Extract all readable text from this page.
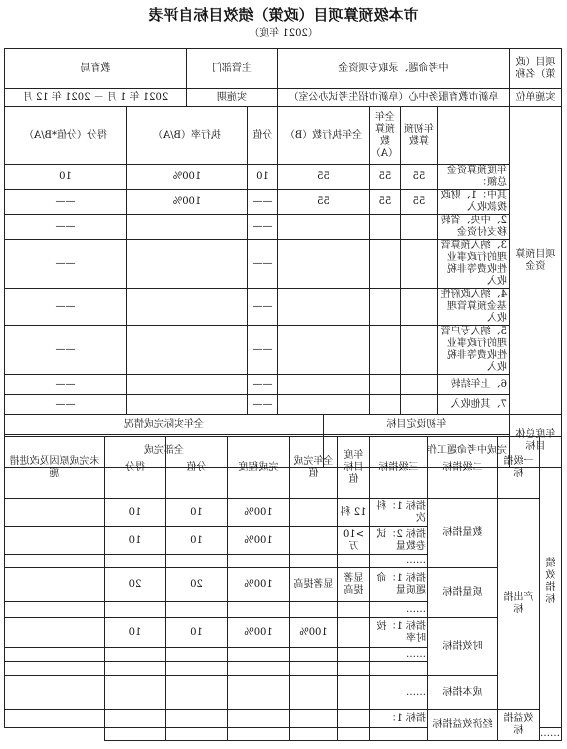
市本级预算项目（政策）绩效目标自评表
（2021 年度）
项目（政策）名称	中考命题、录取专项资金					主管部门		教育局	
实施单位	阜新市教育服务中心（阜新市招生考试办公室）					实施期		2021 年 1 月 － 2021 年 12 月	
项目预算资金		年初预算数	全年预算数（A）	全年执行数（B）		分值	执行率（B/A）		得分（分值*B/A）
	年度预算资金总额：	55	55	55		10	100%		10
	其中：1、财政拨款收入	55	55	55		——	100%		——
	2、中央、省转移支付资金					——			——
	3、纳入预算管理的行政事业性收费等非税收入					——			——
	4、纳入政府性基金预算管理收入					——			——
	5、纳入专户管理的行政事业性收费等非税收入					——			——
	6、上年结转					——			——
	7、其他收入					——			——
年度总体目标	年初设定目标				全年实际完成情况				
	完成中考命题工作				全部完成				
绩效指标	一级指标	二级指标	三级指标	年度目标值	全年完成值	完成程度	分值	得分	未完成原因及改进措施
	产出指标	数量指标	指标 1：科次	12 科		100%	10	10	
			指标 2：试卷数量	>10 万		100%	10	10	
			……						
		质量指标	指标 1：命题质量	显著提高	显著提高	100%	20	20	
			……						
		时效指标	指标 1：按时率		100%	100%	10	10	
			……						

		成本指标	……						
	效益指标	经济效益指标	指标 1：						
……									
